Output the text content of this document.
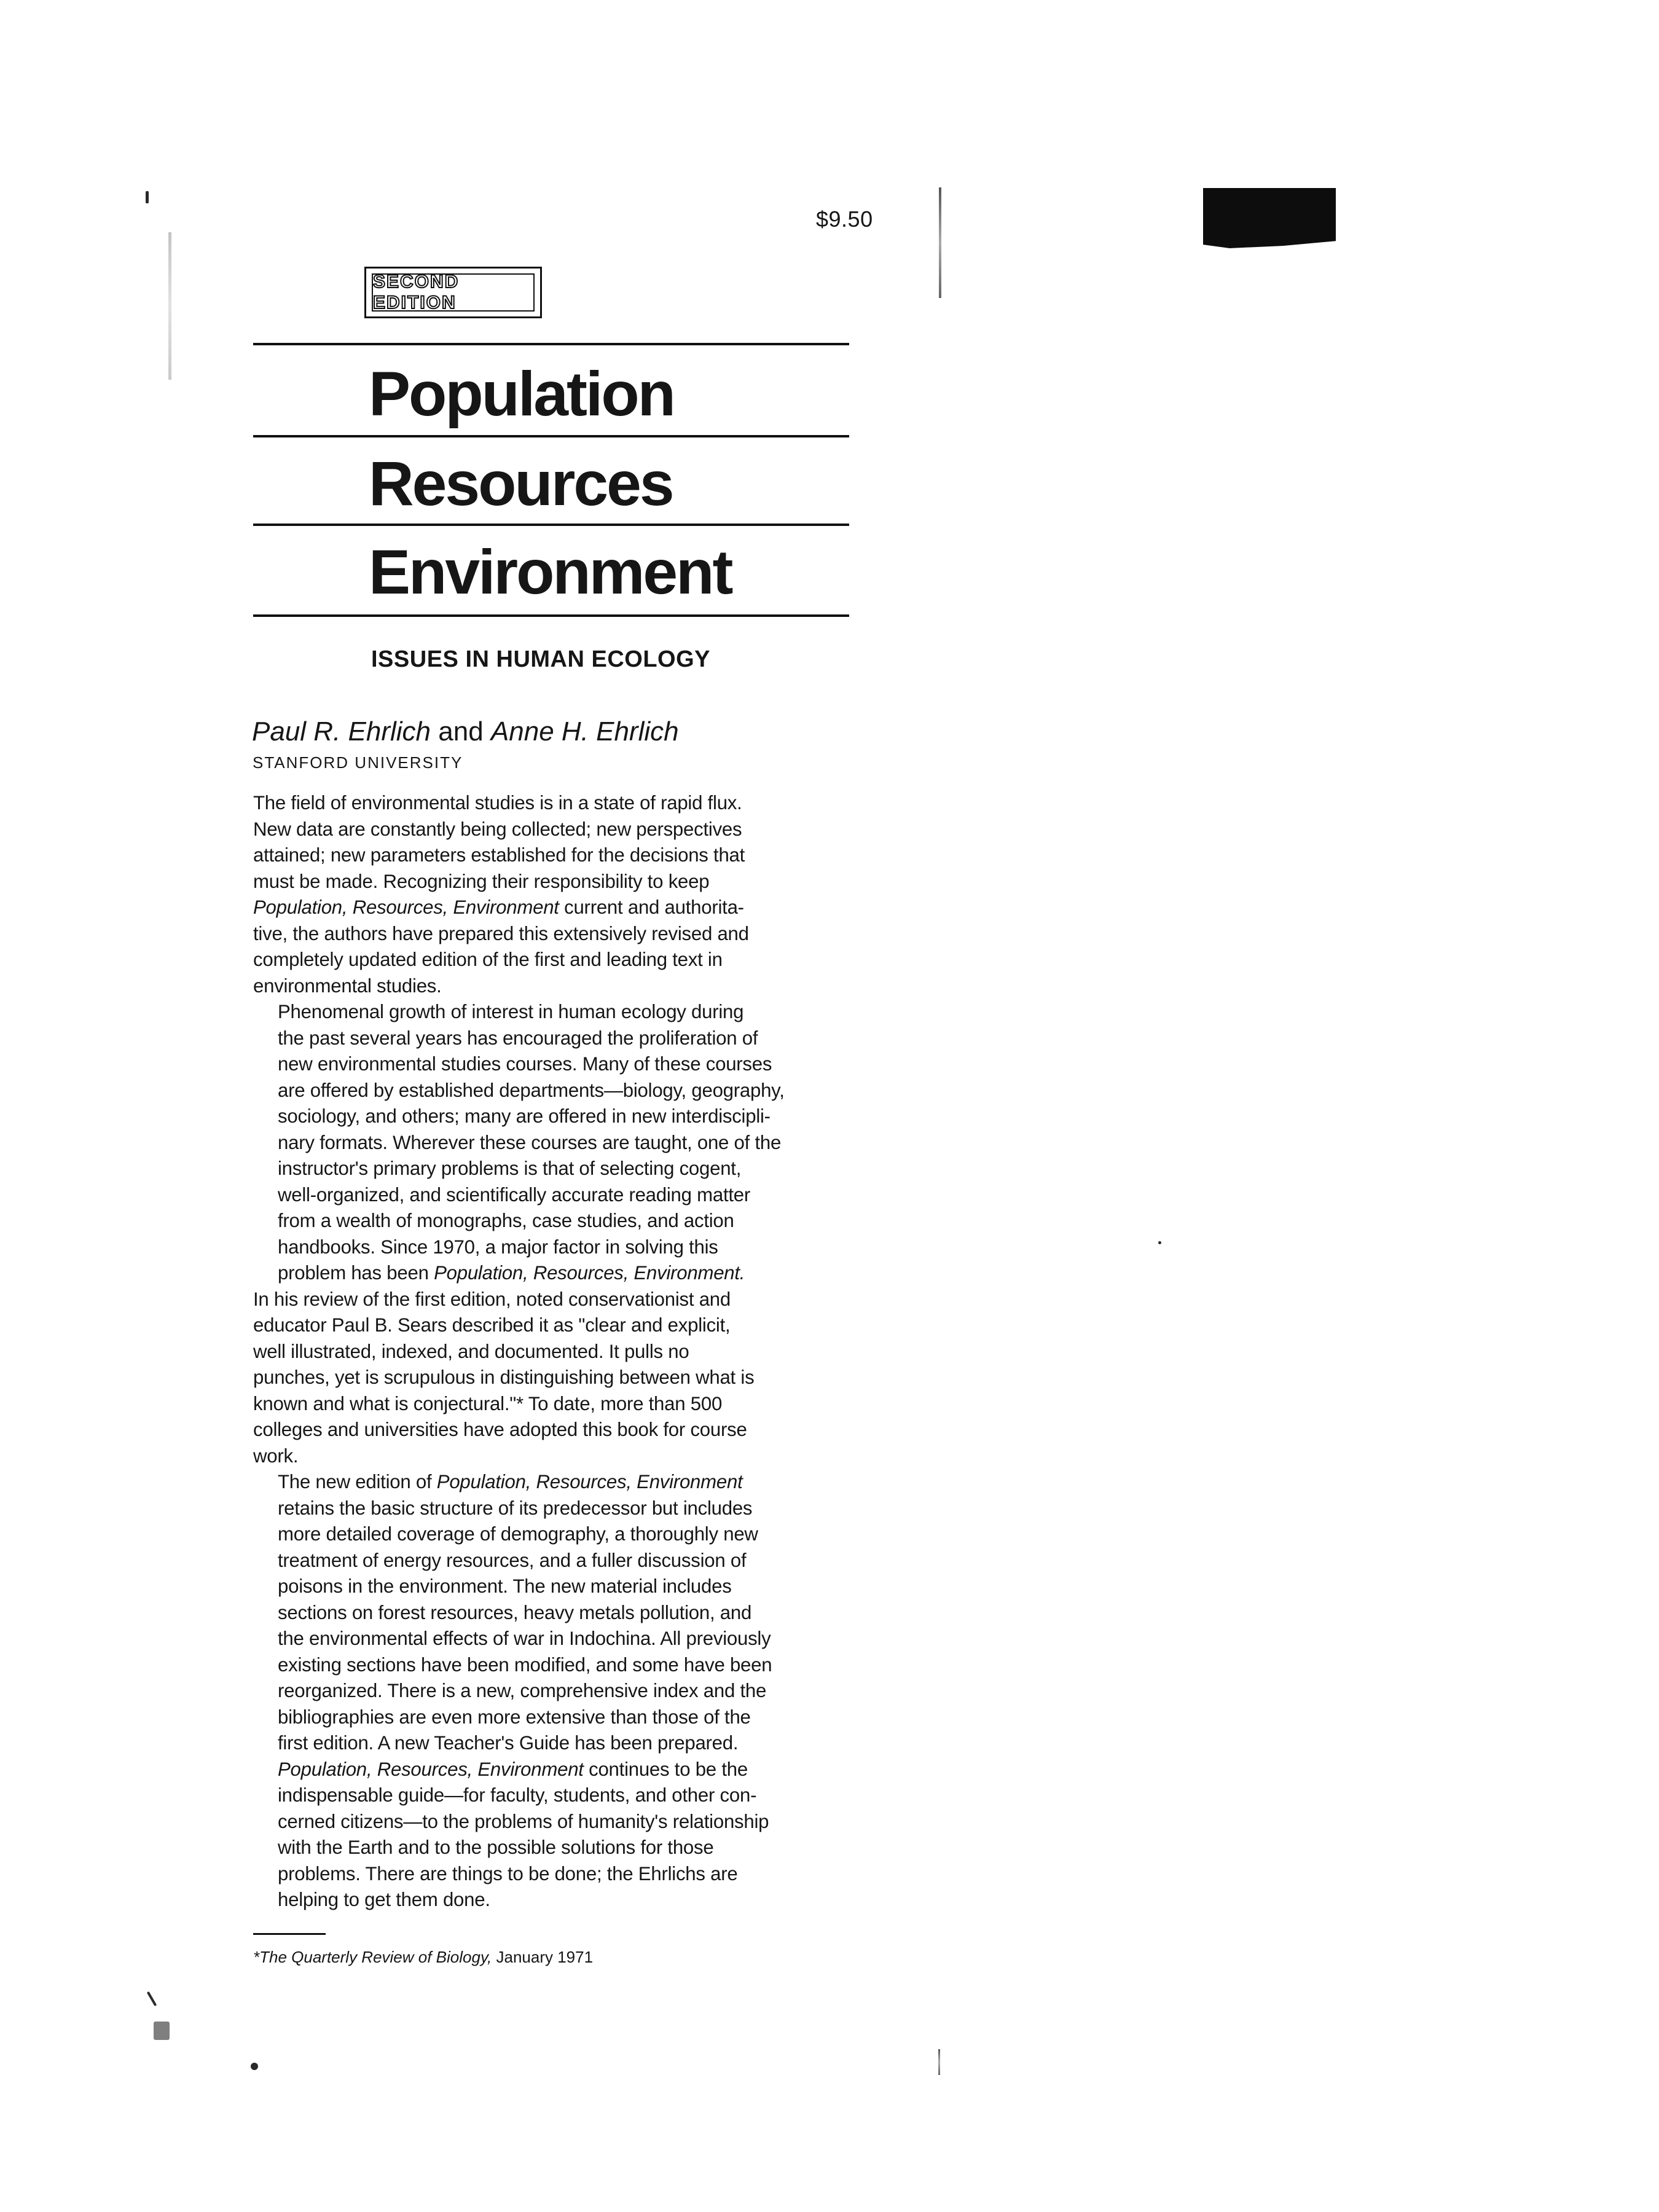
$9.50
SECOND EDITION
Population
Resources
Environment
ISSUES IN HUMAN ECOLOGY
Paul R. Ehrlich and Anne H. Ehrlich
STANFORD UNIVERSITY

The field of environmental studies is in a state of rapid flux.
New data are constantly being collected; new perspectives
attained; new parameters established for the decisions that
must be made. Recognizing their responsibility to keep
Population, Resources, Environment current and authorita-
tive, the authors have prepared this extensively revised and
completely updated edition of the first and leading text in
environmental studies.

Phenomenal growth of interest in human ecology during
the past several years has encouraged the proliferation of
new environmental studies courses. Many of these courses
are offered by established departments—biology, geography,
sociology, and others; many are offered in new interdiscipli-
nary formats. Wherever these courses are taught, one of the
instructor's primary problems is that of selecting cogent,
well-organized, and scientifically accurate reading matter
from a wealth of monographs, case studies, and action
handbooks. Since 1970, a major factor in solving this
problem has been Population, Resources, Environment.

In his review of the first edition, noted conservationist and
educator Paul B. Sears described it as "clear and explicit,
well illustrated, indexed, and documented. It pulls no
punches, yet is scrupulous in distinguishing between what is
known and what is conjectural."* To date, more than 500
colleges and universities have adopted this book for course
work.

The new edition of Population, Resources, Environment
retains the basic structure of its predecessor but includes
more detailed coverage of demography, a thoroughly new
treatment of energy resources, and a fuller discussion of
poisons in the environment. The new material includes
sections on forest resources, heavy metals pollution, and
the environmental effects of war in Indochina. All previously
existing sections have been modified, and some have been
reorganized. There is a new, comprehensive index and the
bibliographies are even more extensive than those of the
first edition. A new Teacher's Guide has been prepared.
Population, Resources, Environment continues to be the
indispensable guide—for faculty, students, and other con-
cerned citizens—to the problems of humanity's relationship
with the Earth and to the possible solutions for those
problems. There are things to be done; the Ehrlichs are
helping to get them done.

*The Quarterly Review of Biology, January 1971
